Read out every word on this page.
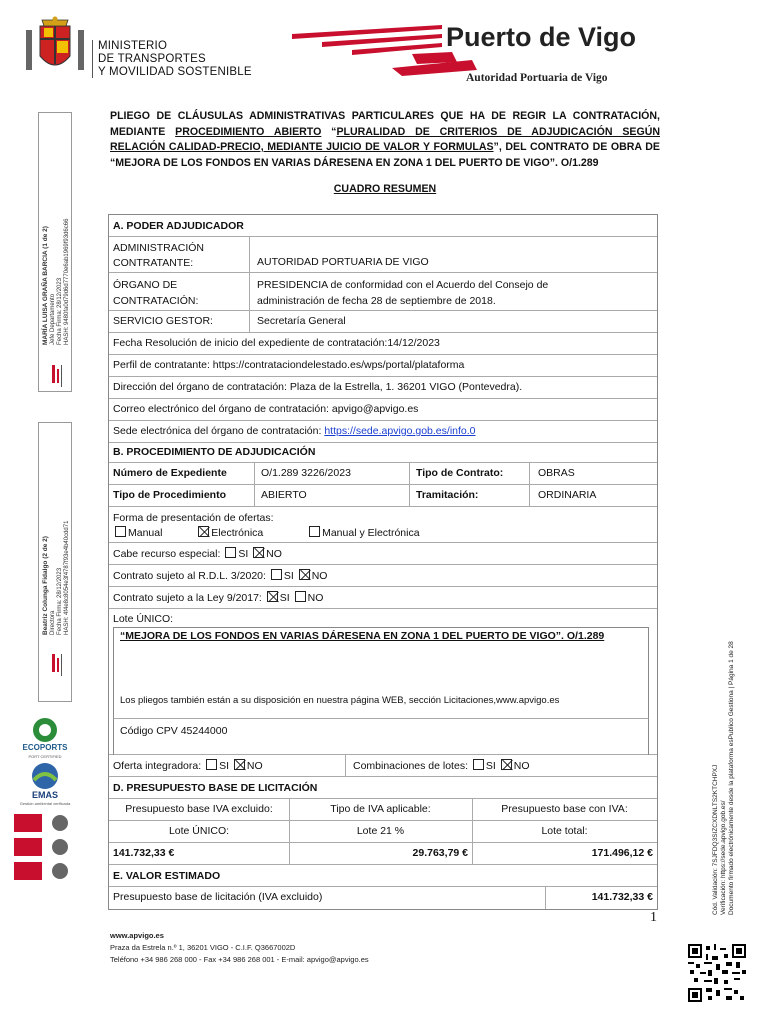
MINISTERIO
DE TRANSPORTES
Y MOVILIDAD SOSTENIBLE
Puerto de Vigo
Autoridad Portuaria de Vigo
MARÍA LUISA GRAÑA BARCIA (1 de 2)
Jefe Departamento
Fecha Firma: 28/12/2023
HASH: 9480fa0d79d6d7770e6ab1969f93d6c66
Beatriz Colunga Fidalgo (2 de 2)
Directora
Fecha Firma: 28/12/2023
HASH: 4f4e8c8054e3f4787f93e4b40cdd71
ECOPORTS
PORT CERTIFIED
EMAS
Gestión ambiental verificada	Cód. Validación: 7SJFDQ3SIZCXDNLTS2KTCHPXJ Verificación: https://sede.apvigo.gob.es/ Documento firmado electrónicamente desde la plataforma esPublico Gestiona | Página 1 de 28
PLIEGO DE CLÁUSULAS ADMINISTRATIVAS PARTICULARES QUE HA DE REGIR LA CONTRATACIÓN, MEDIANTE PROCEDIMIENTO ABIERTO “PLURALIDAD DE CRITERIOS DE ADJUDICACIÓN SEGÚN RELACIÓN CALIDAD-PRECIO, MEDIANTE JUICIO DE VALOR Y FORMULAS”, DEL CONTRATO DE OBRA DE “MEJORA DE LOS FONDOS EN VARIAS DÁRESENA EN ZONA 1 DEL PUERTO DE VIGO”. O/1.289
CUADRO RESUMEN
A. PODER ADJUDICADOR
ADMINISTRACIÓN
CONTRATANTE:	AUTORIDAD PORTUARIA DE VIGO
ÓRGANO DE
CONTRATACIÓN:
PRESIDENCIA de conformidad con el Acuerdo del Consejo de
administración de fecha 28 de septiembre de 2018.
SERVICIO GESTOR:	Secretaría General
Fecha Resolución de inicio del expediente de contratación:14/12/2023
Perfil de contratante: https://contrataciondelestado.es/wps/portal/plataforma
Dirección del órgano de contratación: Plaza de la Estrella, 1. 36201 VIGO (Pontevedra).
Correo electrónico del órgano de contratación: apvigo@apvigo.es
Sede electrónica del órgano de contratación: https://sede.apvigo.gob.es/info.0
B. PROCEDIMIENTO DE ADJUDICACIÓN
Número de Expediente	O/1.289 3226/2023	Tipo de Contrato:	OBRAS
Tipo de Procedimiento	ABIERTO	Tramitación:	ORDINARIA
Forma de presentación de ofertas:
Manual	Electrónica	Manual y Electrónica
Cabe recurso especial: SI NO
Contrato sujeto al R.D.L. 3/2020: SI NO
Contrato sujeto a la Ley 9/2017: SI NO
Lote ÚNICO:
“MEJORA DE LOS FONDOS EN VARIAS DÁRESENA EN ZONA 1 DEL PUERTO DE VIGO”. O/1.289
Los pliegos también están a su disposición en nuestra página WEB, sección Licitaciones,www.apvigo.es
Código CPV 45244000
Oferta integradora: SI NO	Combinaciones de lotes: SI NO
D. PRESUPUESTO BASE DE LICITACIÓN
Presupuesto base IVA excluido:	Tipo de IVA aplicable:	Presupuesto base con IVA:
Lote ÚNICO:	Lote 21 %	Lote total:
141.732,33 €	29.763,79 €	171.496,12 €
E. VALOR ESTIMADO
Presupuesto base de licitación (IVA excluido)	141.732,33 €
1
www.apvigo.es
Praza da Estrela n.º 1, 36201 VIGO - C.I.F. Q3667002D
Teléfono +34 986 268 000 - Fax +34 986 268 001 - E-mail: apvigo@apvigo.es
